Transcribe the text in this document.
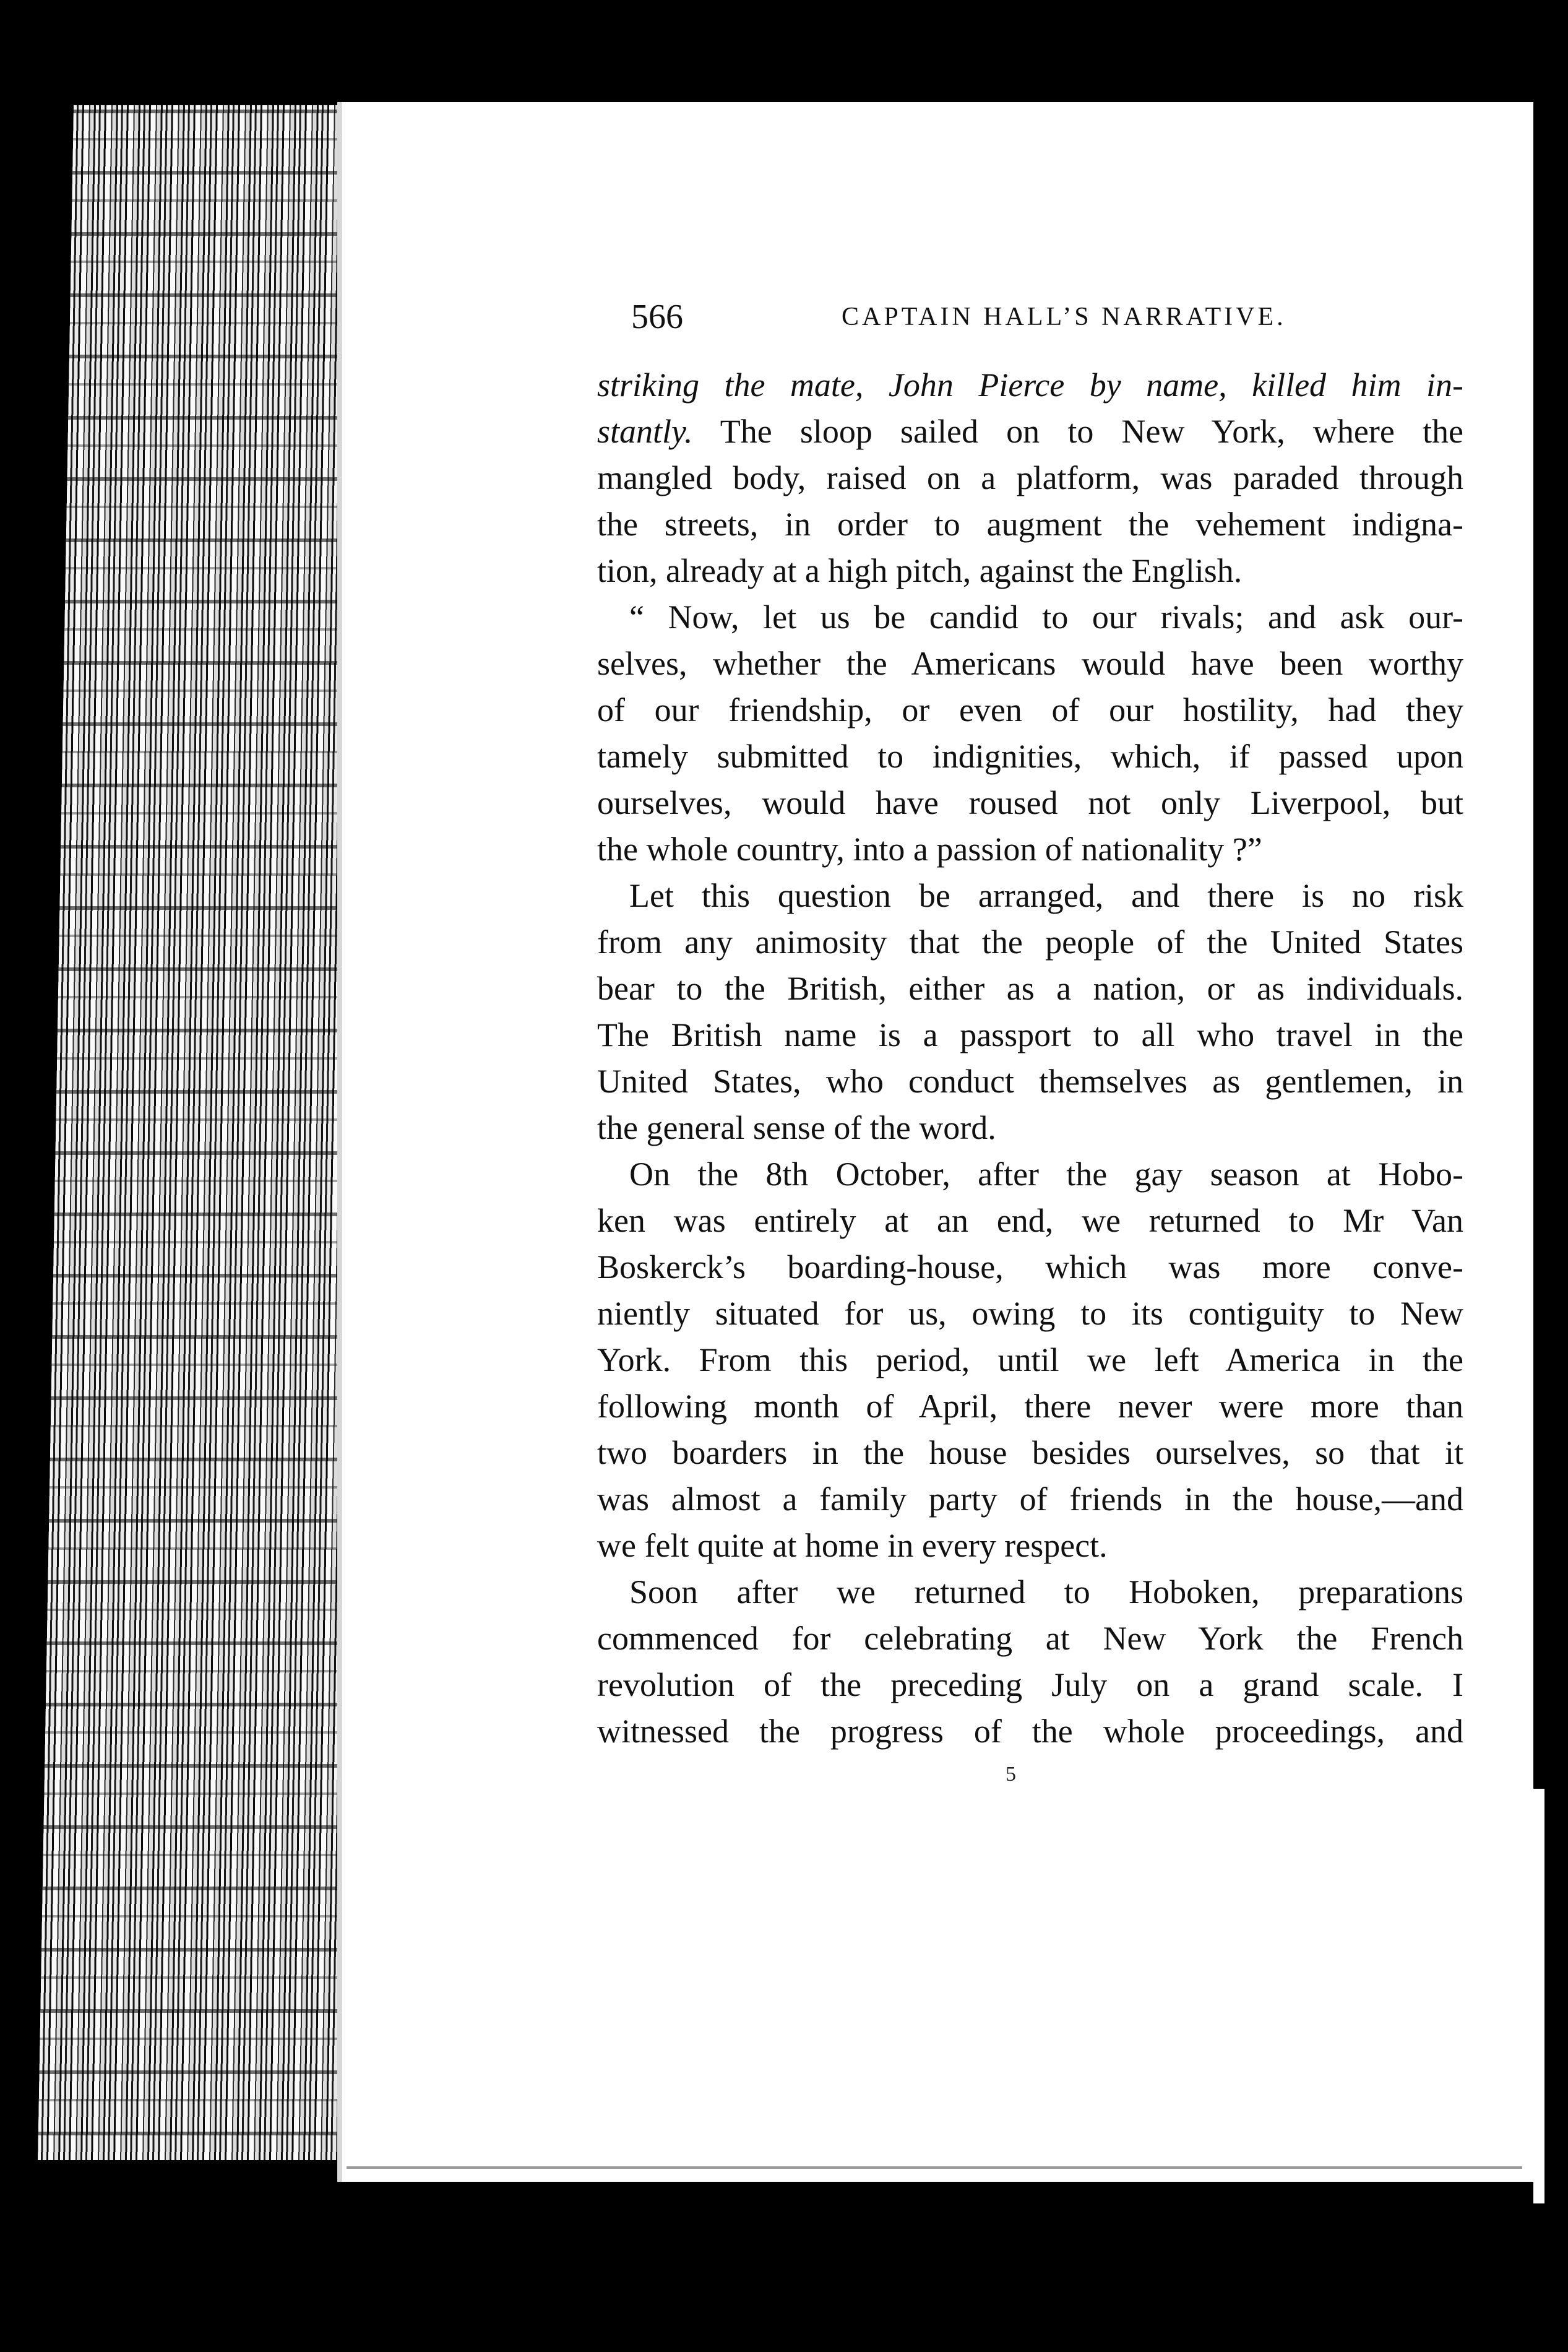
566	CAPTAIN HALL’S NARRATIVE.
striking the mate, John Pierce by name, killed him in-
stantly. The sloop sailed on to New York, where the
mangled body, raised on a platform, was paraded through
the streets, in order to augment the vehement indigna-
tion, already at a high pitch, against the English.
“ Now, let us be candid to our rivals; and ask our-
selves, whether the Americans would have been worthy
of our friendship, or even of our hostility, had they
tamely submitted to indignities, which, if passed upon
ourselves, would have roused not only Liverpool, but
the whole country, into a passion of nationality ?”
Let this question be arranged, and there is no risk
from any animosity that the people of the United States
bear to the British, either as a nation, or as individuals.
The British name is a passport to all who travel in the
United States, who conduct themselves as gentlemen, in
the general sense of the word.
On the 8th October, after the gay season at Hobo-
ken was entirely at an end, we returned to Mr Van
Boskerck’s boarding-house, which was more conve-
niently situated for us, owing to its contiguity to New
York. From this period, until we left America in the
following month of April, there never were more than
two boarders in the house besides ourselves, so that it
was almost a family party of friends in the house,—and
we felt quite at home in every respect.
Soon after we returned to Hoboken, preparations
commenced for celebrating at New York the French
revolution of the preceding July on a grand scale. I
witnessed the progress of the whole proceedings, and
5
